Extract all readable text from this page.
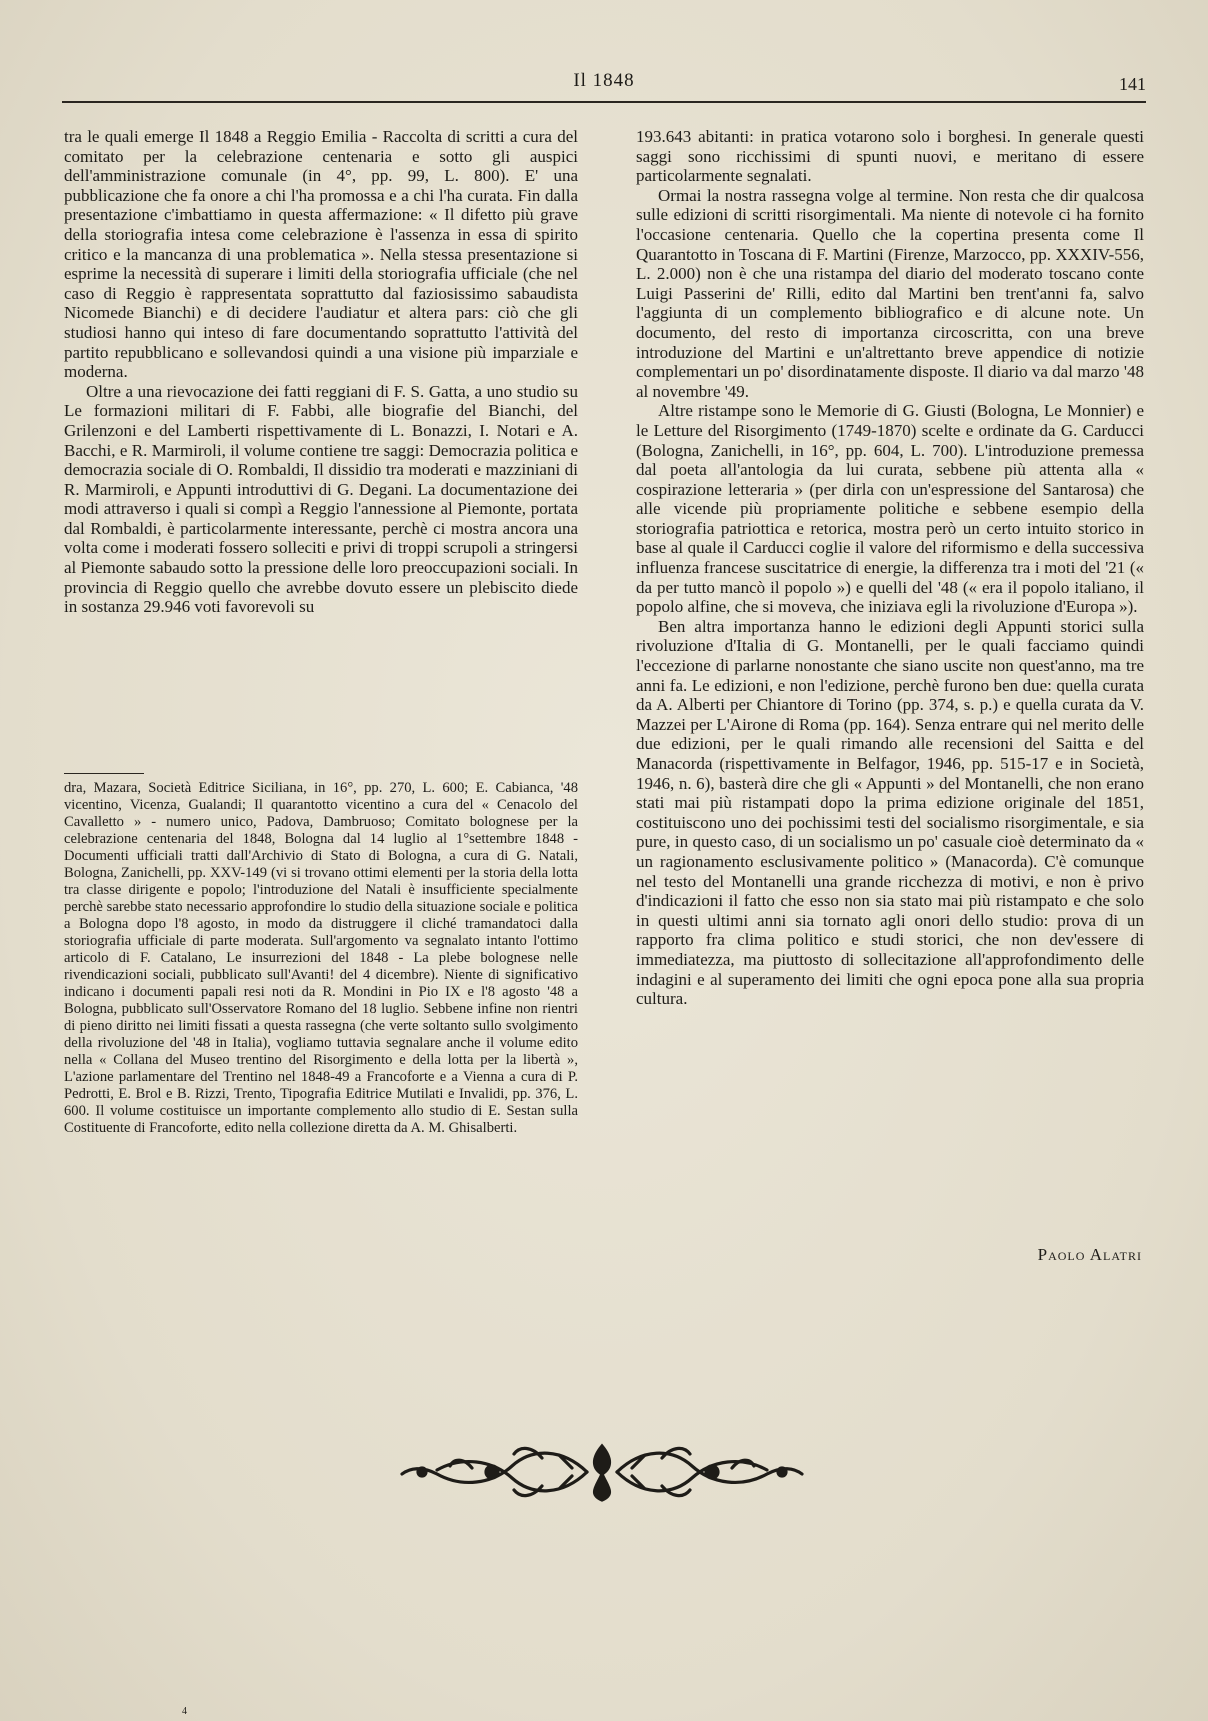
Il 1848	141

tra le quali emerge Il 1848 a Reggio Emilia - Raccolta di scritti a cura del comitato per la celebrazione centenaria e sotto gli auspici dell'amministrazione comunale (in 4°, pp. 99, L. 800). E' una pubblicazione che fa onore a chi l'ha promossa e a chi l'ha curata. Fin dalla presentazione c'imbattiamo in questa affermazione: « Il difetto più grave della storiografia intesa come celebrazione è l'assenza in essa di spirito critico e la mancanza di una problematica ». Nella stessa presentazione si esprime la necessità di superare i limiti della storiografia ufficiale (che nel caso di Reggio è rappresentata soprattutto dal faziosissimo sabaudista Nicomede Bianchi) e di decidere l'audiatur et altera pars: ciò che gli studiosi hanno qui inteso di fare documentando soprattutto l'attività del partito repubblicano e sollevandosi quindi a una visione più imparziale e moderna.

Oltre a una rievocazione dei fatti reggiani di F. S. Gatta, a uno studio su Le formazioni militari di F. Fabbi, alle biografie del Bianchi, del Grilenzoni e del Lamberti rispettivamente di L. Bonazzi, I. Notari e A. Bacchi, e R. Marmiroli, il volume contiene tre saggi: Democrazia politica e democrazia sociale di O. Rombaldi, Il dissidio tra moderati e mazziniani di R. Marmiroli, e Appunti introduttivi di G. Degani. La documentazione dei modi attraverso i quali si compì a Reggio l'annessione al Piemonte, portata dal Rombaldi, è particolarmente interessante, perchè ci mostra ancora una volta come i moderati fossero solleciti e privi di troppi scrupoli a stringersi al Piemonte sabaudo sotto la pressione delle loro preoccupazioni sociali. In provincia di Reggio quello che avrebbe dovuto essere un plebiscito diede in sostanza 29.946 voti favorevoli su

dra, Mazara, Società Editrice Siciliana, in 16°, pp. 270, L. 600; E. Cabianca, '48 vicentino, Vicenza, Gualandi; Il quarantotto vicentino a cura del « Cenacolo del Cavalletto » - numero unico, Padova, Dambruoso; Comitato bolognese per la celebrazione centenaria del 1848, Bologna dal 14 luglio al 1°settembre 1848 - Documenti ufficiali tratti dall'Archivio di Stato di Bologna, a cura di G. Natali, Bologna, Zanichelli, pp. XXV-149 (vi si trovano ottimi elementi per la storia della lotta tra classe dirigente e popolo; l'introduzione del Natali è insufficiente specialmente perchè sarebbe stato necessario approfondire lo studio della situazione sociale e politica a Bologna dopo l'8 agosto, in modo da distruggere il cliché tramandatoci dalla storiografia ufficiale di parte moderata. Sull'argomento va segnalato intanto l'ottimo articolo di F. Catalano, Le insurrezioni del 1848 - La plebe bolognese nelle rivendicazioni sociali, pubblicato sull'Avanti! del 4 dicembre). Niente di significativo indicano i documenti papali resi noti da R. Mondini in Pio IX e l'8 agosto '48 a Bologna, pubblicato sull'Osservatore Romano del 18 luglio. Sebbene infine non rientri di pieno diritto nei limiti fissati a questa rassegna (che verte soltanto sullo svolgimento della rivoluzione del '48 in Italia), vogliamo tuttavia segnalare anche il volume edito nella « Collana del Museo trentino del Risorgimento e della lotta per la libertà », L'azione parlamentare del Trentino nel 1848-49 a Francoforte e a Vienna a cura di P. Pedrotti, E. Brol e B. Rizzi, Trento, Tipografia Editrice Mutilati e Invalidi, pp. 376, L. 600. Il volume costituisce un importante complemento allo studio di E. Sestan sulla Costituente di Francoforte, edito nella collezione diretta da A. M. Ghisalberti.

193.643 abitanti: in pratica votarono solo i borghesi. In generale questi saggi sono ricchissimi di spunti nuovi, e meritano di essere particolarmente segnalati.

Ormai la nostra rassegna volge al termine. Non resta che dir qualcosa sulle edizioni di scritti risorgimentali. Ma niente di notevole ci ha fornito l'occasione centenaria. Quello che la copertina presenta come Il Quarantotto in Toscana di F. Martini (Firenze, Marzocco, pp. XXXIV-556, L. 2.000) non è che una ristampa del diario del moderato toscano conte Luigi Passerini de' Rilli, edito dal Martini ben trent'anni fa, salvo l'aggiunta di un complemento bibliografico e di alcune note. Un documento, del resto di importanza circoscritta, con una breve introduzione del Martini e un'altrettanto breve appendice di notizie complementari un po' disordinatamente disposte. Il diario va dal marzo '48 al novembre '49.

Altre ristampe sono le Memorie di G. Giusti (Bologna, Le Monnier) e le Letture del Risorgimento (1749-1870) scelte e ordinate da G. Carducci (Bologna, Zanichelli, in 16°, pp. 604, L. 700). L'introduzione premessa dal poeta all'antologia da lui curata, sebbene più attenta alla « cospirazione letteraria » (per dirla con un'espressione del Santarosa) che alle vicende più propriamente politiche e sebbene esempio della storiografia patriottica e retorica, mostra però un certo intuito storico in base al quale il Carducci coglie il valore del riformismo e della successiva influenza francese suscitatrice di energie, la differenza tra i moti del '21 (« da per tutto mancò il popolo ») e quelli del '48 (« era il popolo italiano, il popolo alfine, che si moveva, che iniziava egli la rivoluzione d'Europa »).

Ben altra importanza hanno le edizioni degli Appunti storici sulla rivoluzione d'Italia di G. Montanelli, per le quali facciamo quindi l'eccezione di parlarne nonostante che siano uscite non quest'anno, ma tre anni fa. Le edizioni, e non l'edizione, perchè furono ben due: quella curata da A. Alberti per Chiantore di Torino (pp. 374, s. p.) e quella curata da V. Mazzei per L'Airone di Roma (pp. 164). Senza entrare qui nel merito delle due edizioni, per le quali rimando alle recensioni del Saitta e del Manacorda (rispettivamente in Belfagor, 1946, pp. 515-17 e in Società, 1946, n. 6), basterà dire che gli « Appunti » del Montanelli, che non erano stati mai più ristampati dopo la prima edizione originale del 1851, costituiscono uno dei pochissimi testi del socialismo risorgimentale, e sia pure, in questo caso, di un socialismo un po' casuale cioè determinato da « un ragionamento esclusivamente politico » (Manacorda). C'è comunque nel testo del Montanelli una grande ricchezza di motivi, e non è privo d'indicazioni il fatto che esso non sia stato mai più ristampato e che solo in questi ultimi anni sia tornato agli onori dello studio: prova di un rapporto fra clima politico e studi storici, che non dev'essere di immediatezza, ma piuttosto di sollecitazione all'approfondimento delle indagini e al superamento dei limiti che ogni epoca pone alla sua propria cultura.

Paolo Alatri
4
